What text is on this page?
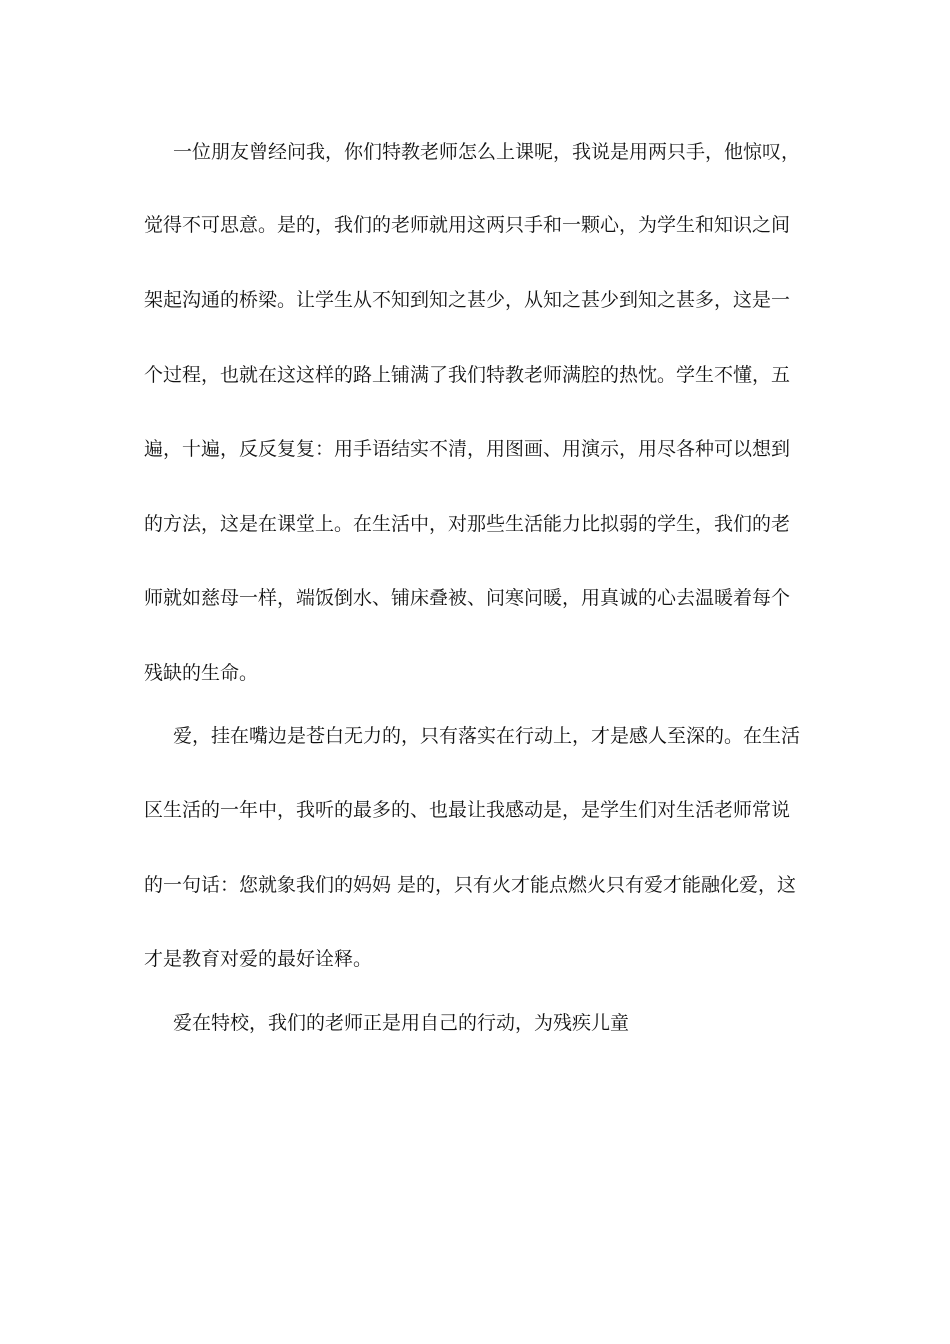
一位朋友曾经问我，你们特教老师怎么上课呢，我说是用两只手，他惊叹，
觉得不可思意。是的，我们的老师就用这两只手和一颗心，为学生和知识之间
架起沟通的桥梁。让学生从不知到知之甚少，从知之甚少到知之甚多，这是一
个过程，也就在这这样的路上铺满了我们特教老师满腔的热忱。学生不懂，五
遍，十遍，反反复复：用手语结实不清，用图画、用演示，用尽各种可以想到
的方法，这是在课堂上。在生活中，对那些生活能力比拟弱的学生，我们的老
师就如慈母一样，端饭倒水、铺床叠被、问寒问暖，用真诚的心去温暖着每个
残缺的生命。
爱，挂在嘴边是苍白无力的，只有落实在行动上，才是感人至深的。在生活
区生活的一年中，我听的最多的、也最让我感动是，是学生们对生活老师常说
的一句话：您就象我们的妈妈 是的，只有火才能点燃火只有爱才能融化爱，这
才是教育对爱的最好诠释。
爱在特校，我们的老师正是用自己的行动，为残疾儿童
